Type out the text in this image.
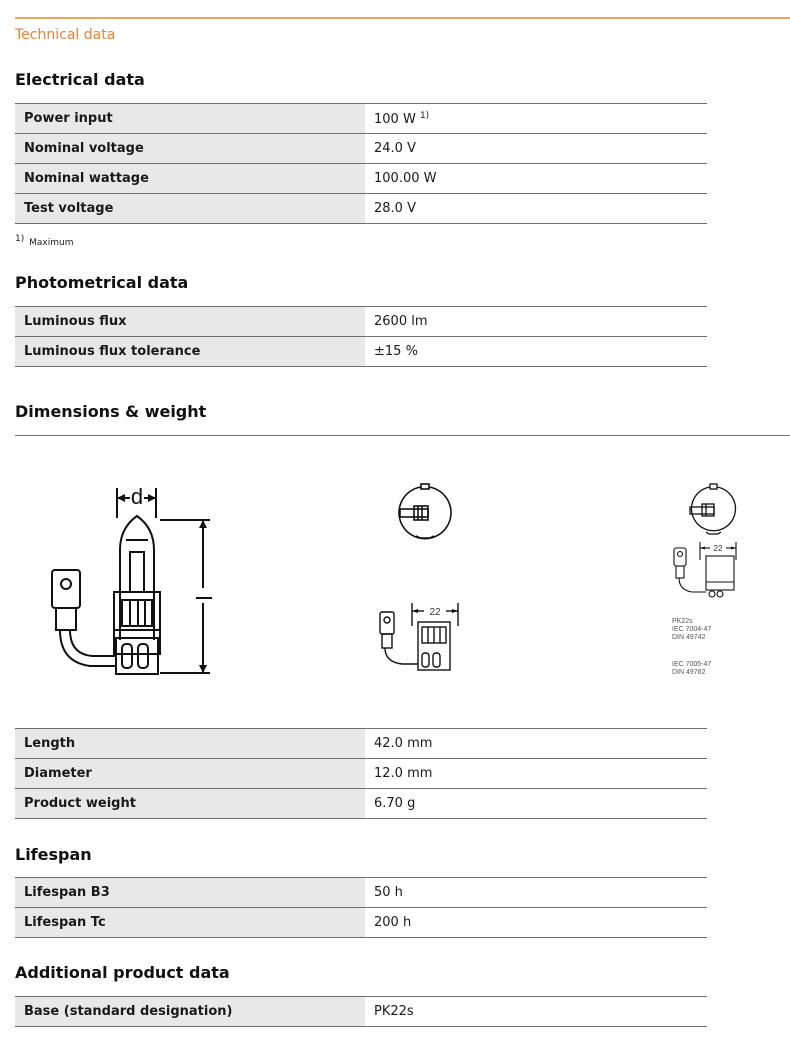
Technical data
Electrical data
Power input	100 W $^{1)}$
Nominal voltage	24.0 V
Nominal wattage	100.00 W
Test voltage	28.0 V
1) Maximum
Photometrical data
Luminous flux	2600 lm
Luminous flux tolerance	±15 %
Dimensions & weight
d
22
22
PK22s
IEC 7004-47
DIN 49742
IEC 7005-47
DIN 49762
Length	42.0 mm
Diameter	12.0 mm
Product weight	6.70 g
Lifespan
Lifespan B3	50 h
Lifespan Tc	200 h
Additional product data
Base (standard designation)	PK22s
